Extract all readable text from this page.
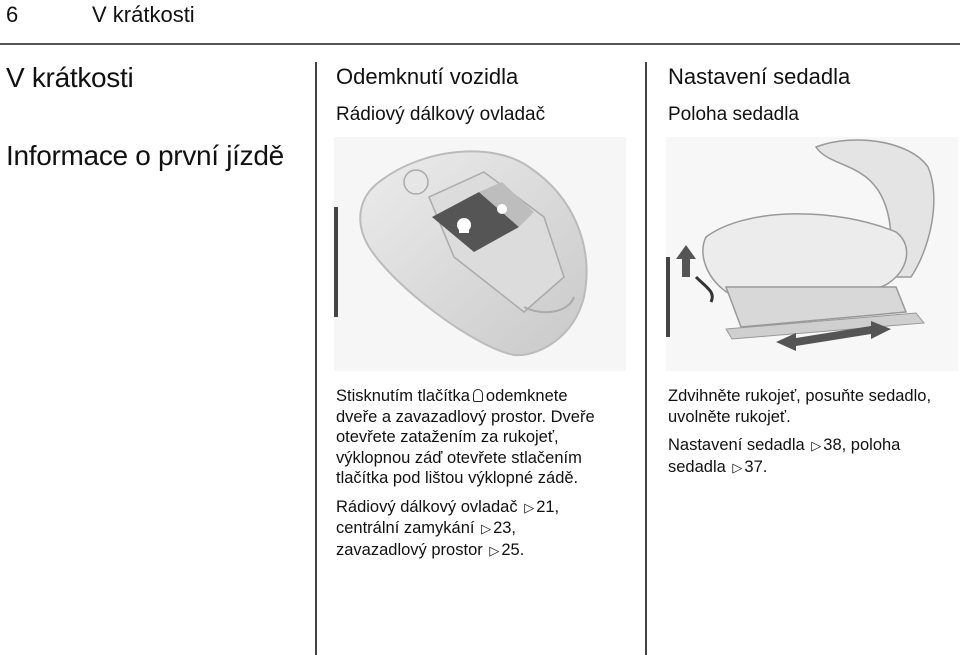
6	V krátkosti
V krátkosti
Informace o první jízdě
Odemknutí vozidla
Rádiový dálkový ovladač

Stisknutím tlačítka odemknete
dveře a zavazadlový prostor. Dveře
otevřete zatažením za rukojeť,
výklopnou záď otevřete stlačením
tlačítka pod lištou výklopné zádě.

Rádiový dálkový ovladač ▷ 21,
centrální zamykání ▷ 23,
zavazadlový prostor ▷ 25.

Nastavení sedadla
Poloha sedadla

Zdvihněte rukojeť, posuňte sedadlo,
uvolněte rukojeť.

Nastavení sedadla ▷ 38, poloha
sedadla ▷ 37.
